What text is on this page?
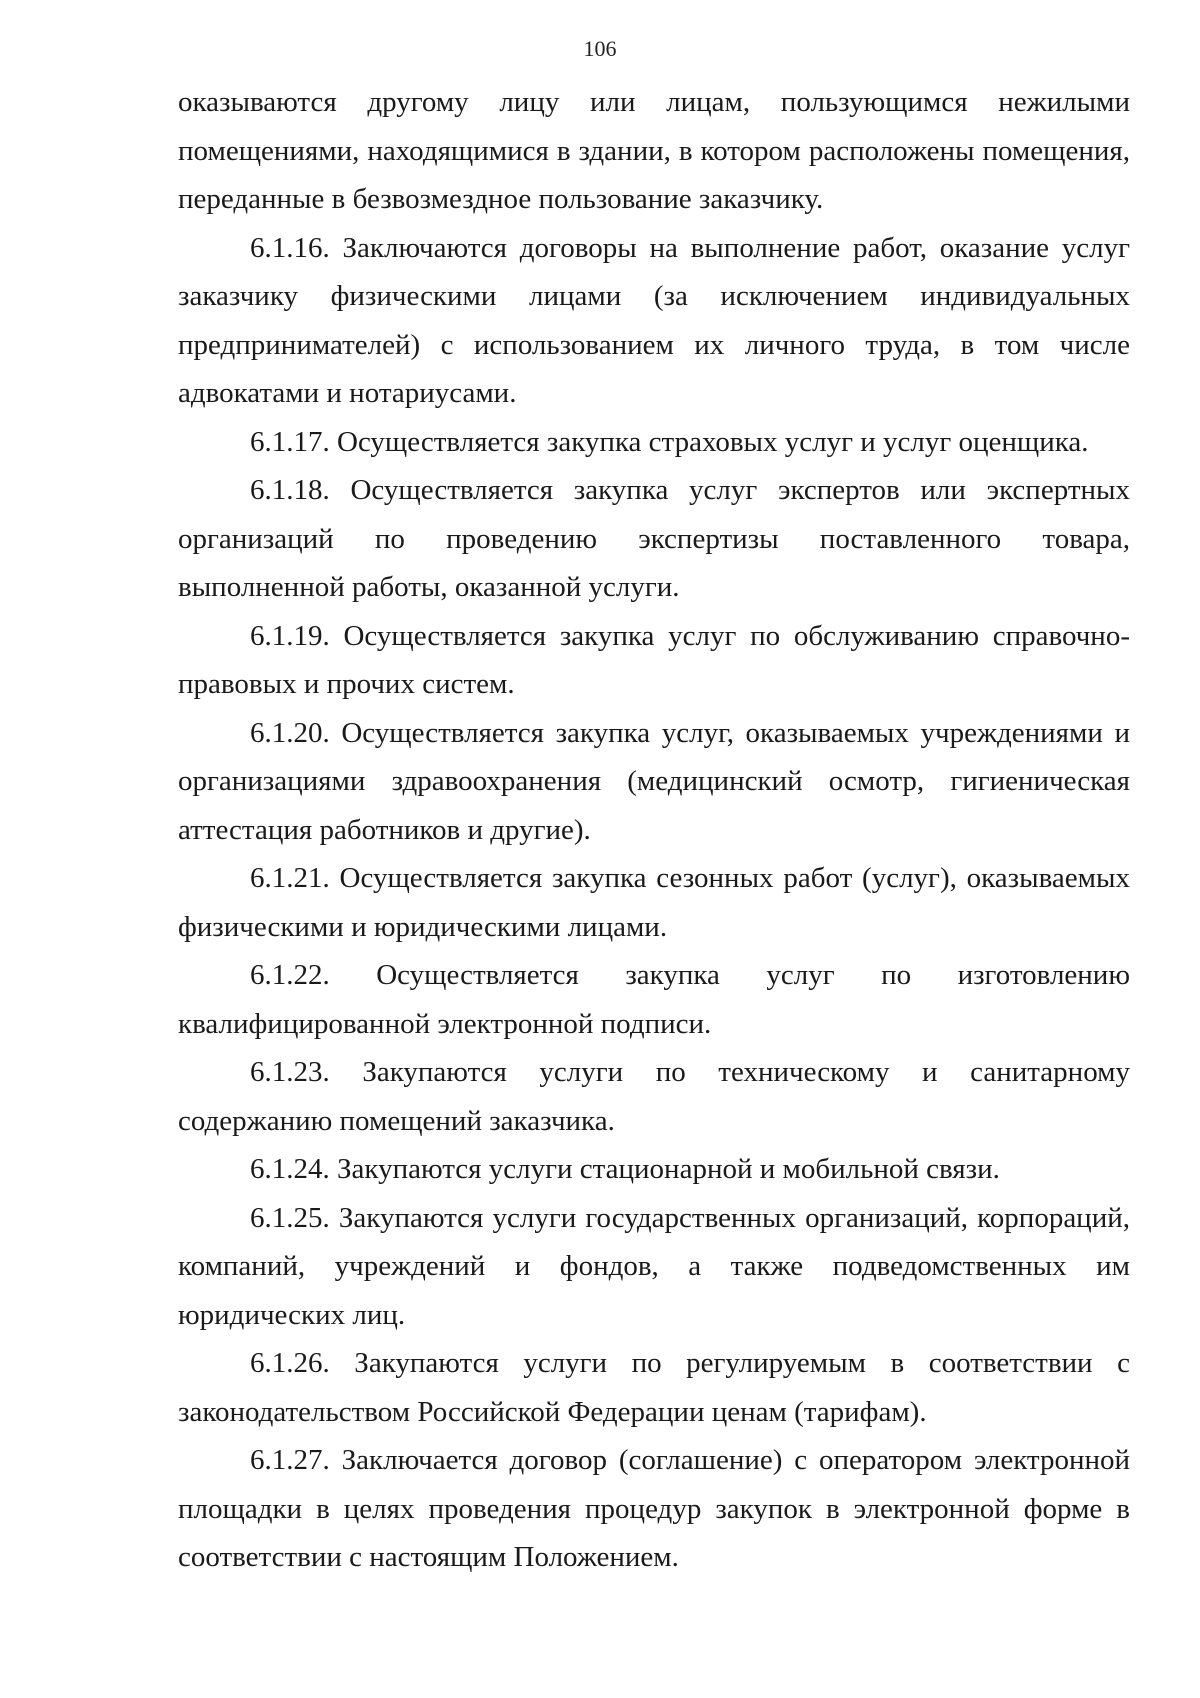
106

оказываются другому лицу или лицам, пользующимся нежилыми помещениями, находящимися в здании, в котором расположены помещения, переданные в безвозмездное пользование заказчику.

6.1.16. Заключаются договоры на выполнение работ, оказание услуг заказчику физическими лицами (за исключением индивидуальных предпринимателей) с использованием их личного труда, в том числе адвокатами и нотариусами.

6.1.17. Осуществляется закупка страховых услуг и услуг оценщика.

6.1.18. Осуществляется закупка услуг экспертов или экспертных организаций по проведению экспертизы поставленного товара, выполненной работы, оказанной услуги.

6.1.19. Осуществляется закупка услуг по обслуживанию справочно-правовых и прочих систем.

6.1.20. Осуществляется закупка услуг, оказываемых учреждениями и организациями здравоохранения (медицинский осмотр, гигиеническая аттестация работников и другие).

6.1.21. Осуществляется закупка сезонных работ (услуг), оказываемых физическими и юридическими лицами.

6.1.22. Осуществляется закупка услуг по изготовлению квалифицированной электронной подписи.

6.1.23. Закупаются услуги по техническому и санитарному содержанию помещений заказчика.

6.1.24. Закупаются услуги стационарной и мобильной связи.

6.1.25. Закупаются услуги государственных организаций, корпораций, компаний, учреждений и фондов, а также подведомственных им юридических лиц.

6.1.26. Закупаются услуги по регулируемым в соответствии с законодательством Российской Федерации ценам (тарифам).

6.1.27. Заключается договор (соглашение) с оператором электронной площадки в целях проведения процедур закупок в электронной форме в соответствии с настоящим Положением.
